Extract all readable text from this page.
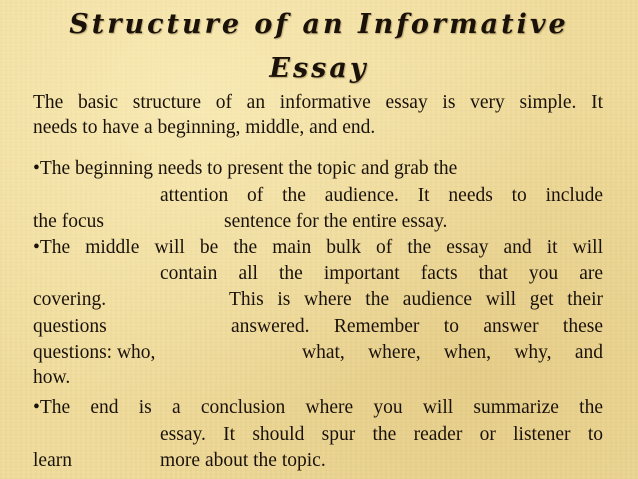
Structure of an Informative
Essay
The basic structure of an informative essay is very simple. It
needs to have a beginning, middle, and end.
•The beginning needs to present the topic and grab the
attention of the audience. It needs to include
the focus	sentence for the entire essay.
•The middle will be the main bulk of the essay and it will
contain all the important facts that you are
covering.	This is where the audience will get their
questions	answered. Remember to answer these
questions: who,	what, where, when, why, and
how.
•The end is a conclusion where you will summarize the
essay. It should spur the reader or listener to
learn	more about the topic.
